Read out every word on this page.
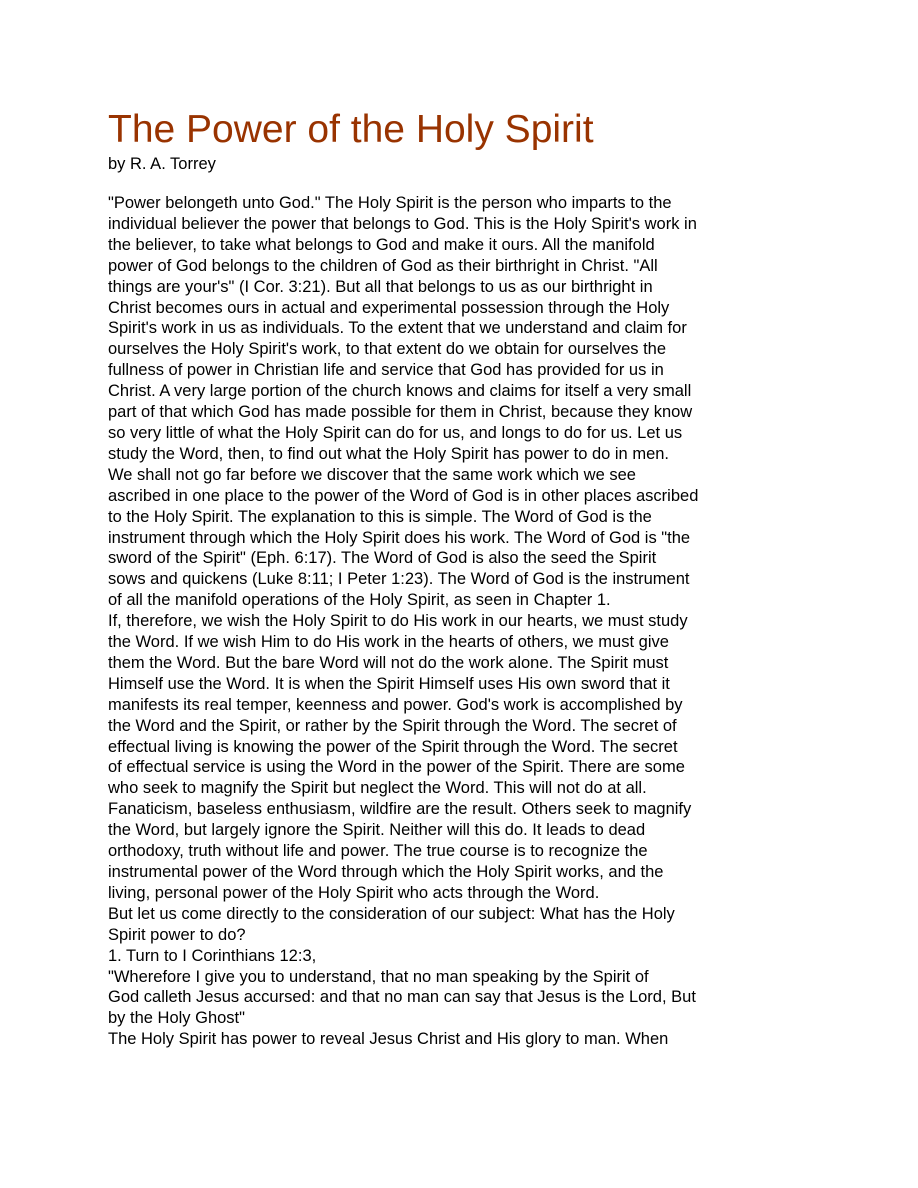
The Power of the Holy Spirit

by R. A. Torrey

"Power belongeth unto God." The Holy Spirit is the person who imparts to the
individual believer the power that belongs to God. This is the Holy Spirit's work in
the believer, to take what belongs to God and make it ours. All the manifold
power of God belongs to the children of God as their birthright in Christ. "All
things are your's" (I Cor. 3:21). But all that belongs to us as our birthright in
Christ becomes ours in actual and experimental possession through the Holy
Spirit's work in us as individuals. To the extent that we understand and claim for
ourselves the Holy Spirit's work, to that extent do we obtain for ourselves the
fullness of power in Christian life and service that God has provided for us in
Christ. A very large portion of the church knows and claims for itself a very small
part of that which God has made possible for them in Christ, because they know
so very little of what the Holy Spirit can do for us, and longs to do for us. Let us
study the Word, then, to find out what the Holy Spirit has power to do in men.
We shall not go far before we discover that the same work which we see
ascribed in one place to the power of the Word of God is in other places ascribed
to the Holy Spirit. The explanation to this is simple. The Word of God is the
instrument through which the Holy Spirit does his work. The Word of God is "the
sword of the Spirit" (Eph. 6:17). The Word of God is also the seed the Spirit
sows and quickens (Luke 8:11; I Peter 1:23). The Word of God is the instrument
of all the manifold operations of the Holy Spirit, as seen in Chapter 1.
If, therefore, we wish the Holy Spirit to do His work in our hearts, we must study
the Word. If we wish Him to do His work in the hearts of others, we must give
them the Word. But the bare Word will not do the work alone. The Spirit must
Himself use the Word. It is when the Spirit Himself uses His own sword that it
manifests its real temper, keenness and power. God's work is accomplished by
the Word and the Spirit, or rather by the Spirit through the Word. The secret of
effectual living is knowing the power of the Spirit through the Word. The secret
of effectual service is using the Word in the power of the Spirit. There are some
who seek to magnify the Spirit but neglect the Word. This will not do at all.
Fanaticism, baseless enthusiasm, wildfire are the result. Others seek to magnify
the Word, but largely ignore the Spirit. Neither will this do. It leads to dead
orthodoxy, truth without life and power. The true course is to recognize the
instrumental power of the Word through which the Holy Spirit works, and the
living, personal power of the Holy Spirit who acts through the Word.
But let us come directly to the consideration of our subject: What has the Holy
Spirit power to do?
1. Turn to I Corinthians 12:3,
"Wherefore I give you to understand, that no man speaking by the Spirit of
God calleth Jesus accursed: and that no man can say that Jesus is the Lord, But
by the Holy Ghost"
The Holy Spirit has power to reveal Jesus Christ and His glory to man. When
